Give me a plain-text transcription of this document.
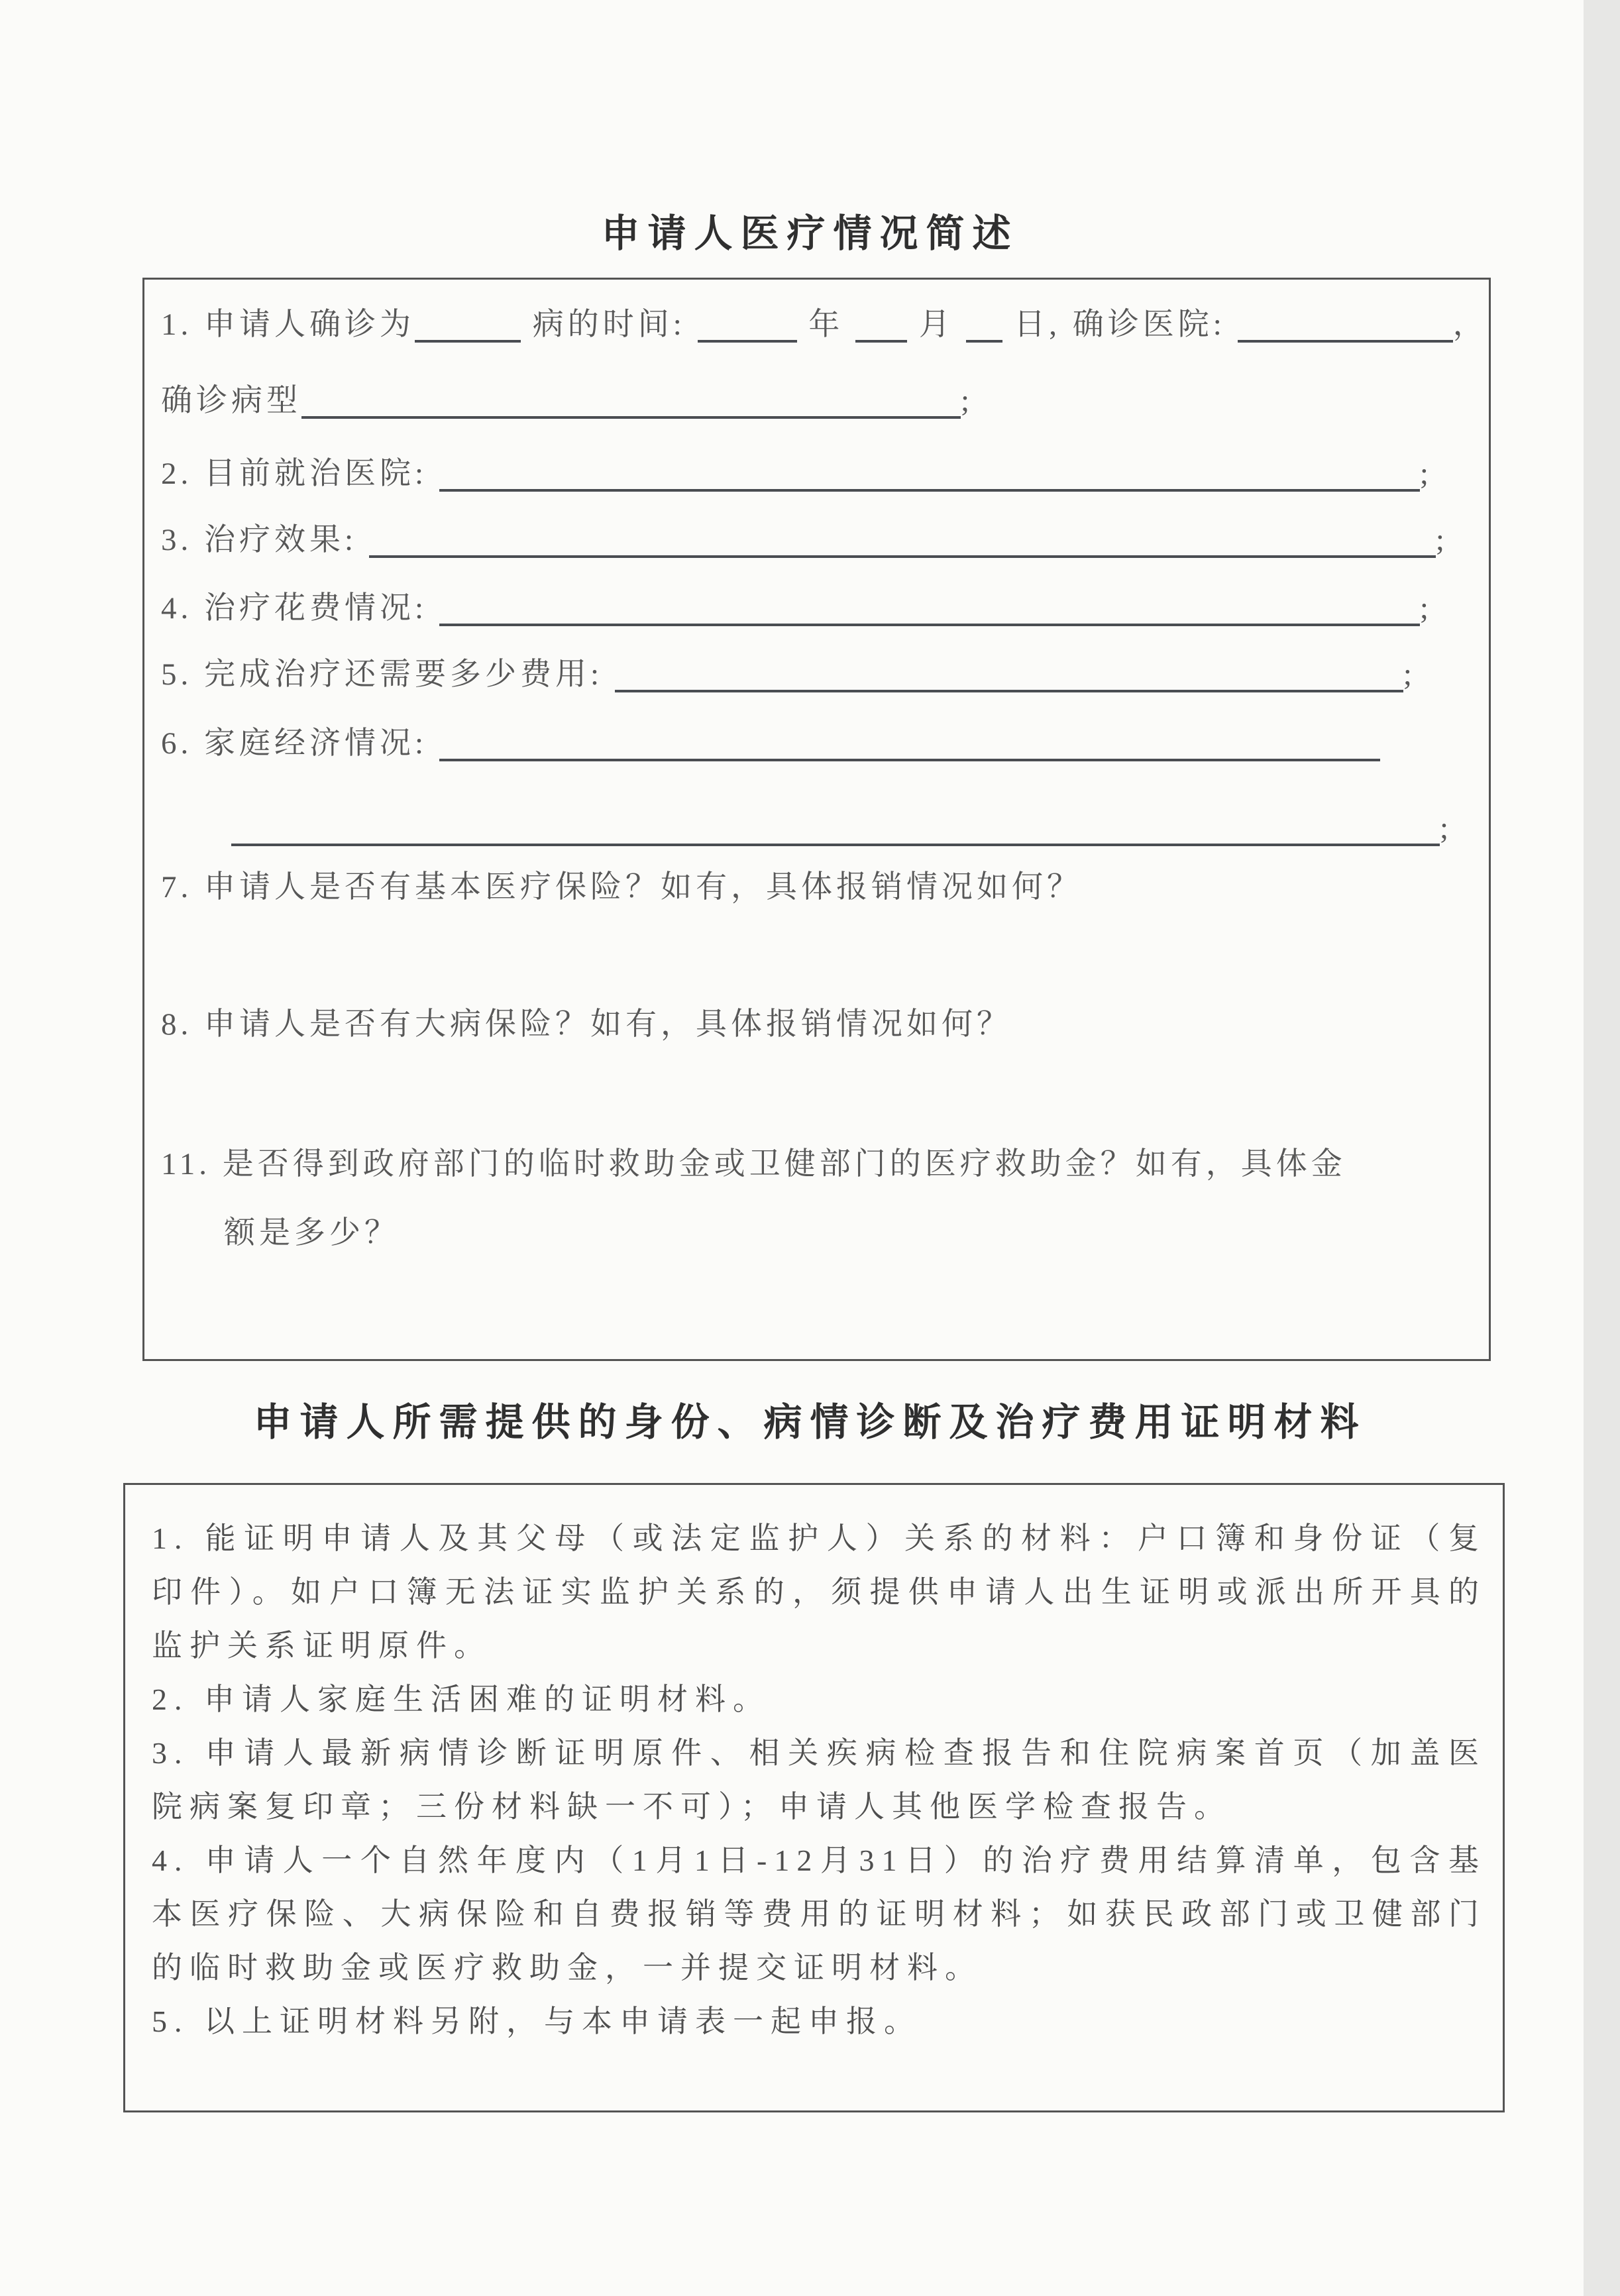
申请人医疗情况简述
1. 申请人确诊为	病的时间:	年  月  日, 确诊医院:	，
确诊病型	;
2. 目前就治医院:	;
3. 治疗效果:	;
4. 治疗花费情况:	;
5. 完成治疗还需要多少费用:	;
6. 家庭经济情况:
;
7. 申请人是否有基本医疗保险？如有，具体报销情况如何？
8. 申请人是否有大病保险？如有，具体报销情况如何？
11. 是否得到政府部门的临时救助金或卫健部门的医疗救助金？如有，具体金
额是多少？
申请人所需提供的身份、病情诊断及治疗费用证明材料

1. 能证明申请人及其父母（或法定监护人）关系的材料：户口簿和身份证（复印件）。如户口簿无法证实监护关系的，须提供申请人出生证明或派出所开具的监护关系证明原件。

2. 申请人家庭生活困难的证明材料。

3. 申请人最新病情诊断证明原件、相关疾病检查报告和住院病案首页（加盖医院病案复印章；三份材料缺一不可）；申请人其他医学检查报告。

4. 申请人一个自然年度内（1月1日-12月31日）的治疗费用结算清单，包含基本医疗保险、大病保险和自费报销等费用的证明材料；如获民政部门或卫健部门的临时救助金或医疗救助金，一并提交证明材料。

5. 以上证明材料另附，与本申请表一起申报。
